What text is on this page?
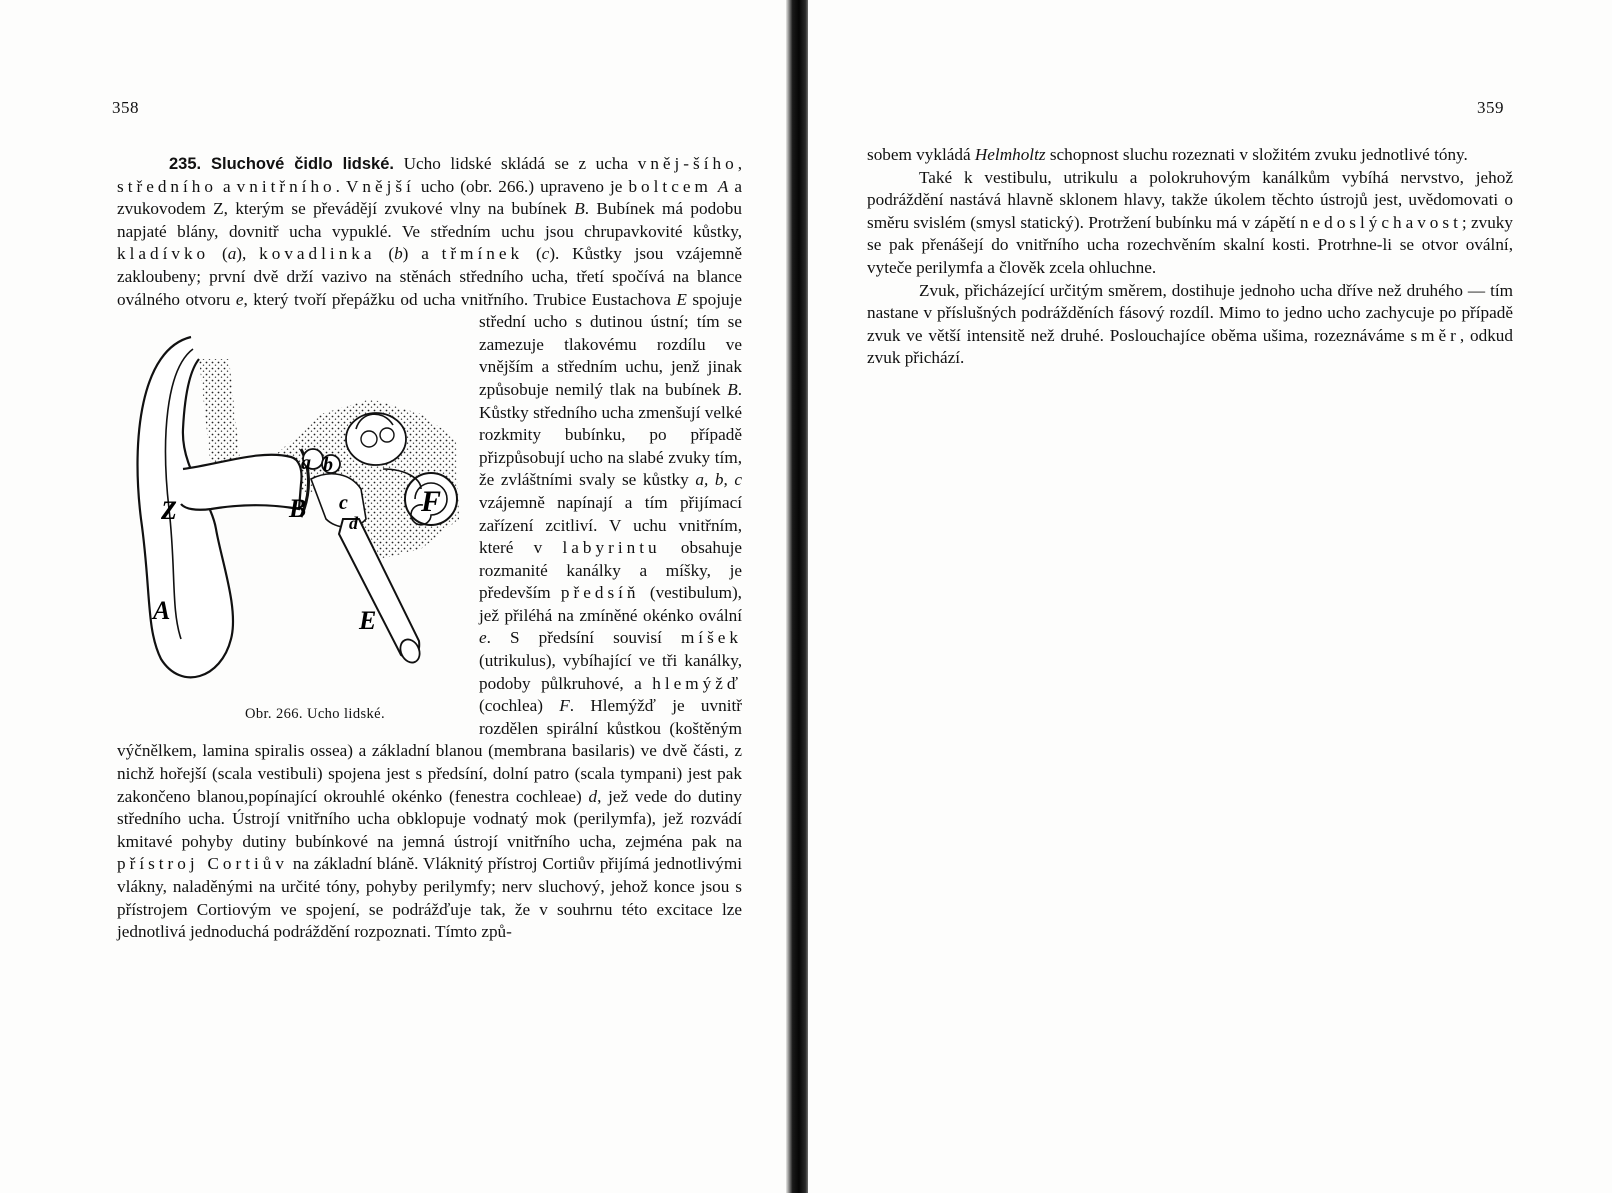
358

235. Sluchové čidlo lidské. Ucho lidské skládá se z ucha vněj-šího, středního a vnitřního. Vnější ucho (obr. 266.) upraveno je boltcem A a zvukovodem Z, kterým se převádějí zvukové vlny na bubínek B. Bubínek má podobu napjaté blány, dovnitř ucha vypuklé. Ve středním uchu jsou chrupavkovité kůstky, kladívko (a), kovadlinka (b) a třmínek (c). Kůstky jsou vzájemně zakloubeny; první dvě drží vazivo na stěnách středního ucha, třetí spočívá na blance oválného otvoru e, který tvoří přepážku od ucha vnitřního. Trubice Eustachova E
Z
A
B
E
F
a b
c
d
Obr. 266. Ucho lidské.
spojuje střední ucho s dutinou ústní; tím se zamezuje tlakovému rozdílu ve vnějším a středním uchu, jenž jinak způsobuje nemilý tlak na bubínek B. Kůstky středního ucha zmenšují velké rozkmity bubínku, po případě přizpůsobují ucho na slabé zvuky tím, že zvláštními svaly se kůstky a, b, c vzájemně napínají a tím přijímací zařízení zcitliví. V uchu vnitřním, které v labyrintu obsahuje rozmanité kanálky a míšky, je především předsíň (vestibulum), jež přiléhá na zmíněné okénko ovální e. S předsíní souvisí míšek (utrikulus), vybíhající ve tři kanálky, podoby půlkruhové, a hlemýžď (cochlea) F. Hlemýžď je uvnitř rozdělen spirální kůstkou (koštěným výčnělkem, lamina spiralis ossea) a základní blanou (membrana basilaris) ve dvě části, z nichž hořejší (scala vestibuli) spojena jest s předsíní, dolní patro (scala tympani) jest pak zakončeno blanou,popínající okrouhlé okénko (fenestra cochleae) d, jež vede do dutiny středního ucha. Ústrojí vnitřního ucha obklopuje vodnatý mok (perilymfa), jež rozvádí kmitavé pohyby dutiny bubínkové na jemná ústrojí vnitřního ucha, zejména pak na přístroj Cortiův na základní bláně. Vláknitý přístroj Cortiův přijímá jednotlivými vlákny, naladěnými na určité tóny, pohyby perilymfy; nerv sluchový, jehož konce jsou s přístrojem Cortiovým ve spojení, se podrážďuje tak, že v souhrnu této excitace lze jednotlivá jednoduchá podráždění rozpoznati. Tímto způ-

359

sobem vykládá Helmholtz schopnost sluchu rozeznati v složitém zvuku jednotlivé tóny.

Také k vestibulu, utrikulu a polokruhovým kanálkům vybíhá nervstvo, jehož podráždění nastává hlavně sklonem hlavy, takže úkolem těchto ústrojů jest, uvědomovati o směru svislém (smysl statický). Protržení bubínku má v zápětí nedoslýchavost; zvuky se pak přenášejí do vnitřního ucha rozechvěním skalní kosti. Protrhne-li se otvor ovální, vyteče perilymfa a člověk zcela ohluchne.

Zvuk, přicházející určitým směrem, dostihuje jednoho ucha dříve než druhého — tím nastane v příslušných podrážděních fásový rozdíl. Mimo to jedno ucho zachycuje po případě zvuk ve větší intensitě než druhé. Poslouchajíce oběma ušima, rozeznáváme směr, odkud zvuk přichází.
